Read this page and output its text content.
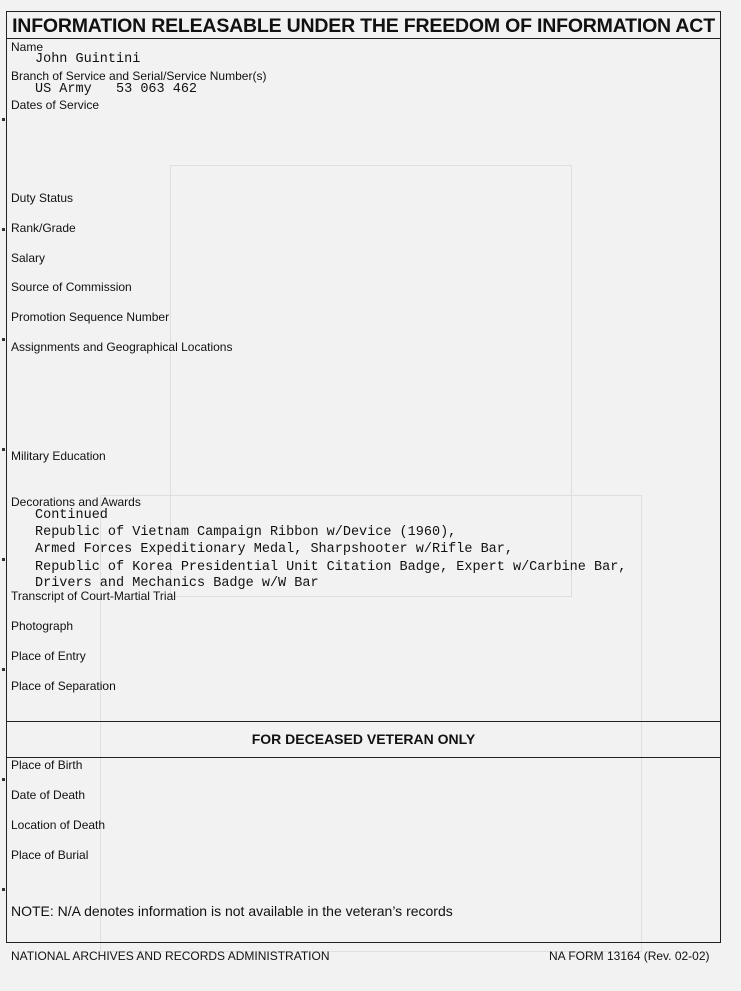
INFORMATION RELEASABLE UNDER THE FREEDOM OF INFORMATION ACT
Name
John Guintini
Branch of Service and Serial/Service Number(s)
US Army   53 063 462
Dates of Service
Duty Status
Rank/Grade
Salary
Source of Commission
Promotion Sequence Number
Assignments and Geographical Locations
Military Education
Decorations and Awards
Continued
Republic of Vietnam Campaign Ribbon w/Device (1960),
Armed Forces Expeditionary Medal, Sharpshooter w/Rifle Bar,
Republic of Korea Presidential Unit Citation Badge, Expert w/Carbine Bar,
Drivers and Mechanics Badge w/W Bar
Transcript of Court-Martial Trial
Photograph
Place of Entry
Place of Separation
FOR DECEASED VETERAN ONLY
Place of Birth
Date of Death
Location of Death
Place of Burial
NOTE: N/A denotes information is not available in the veteran’s records
NATIONAL ARCHIVES AND RECORDS ADMINISTRATION	NA FORM 13164 (Rev. 02-02)
